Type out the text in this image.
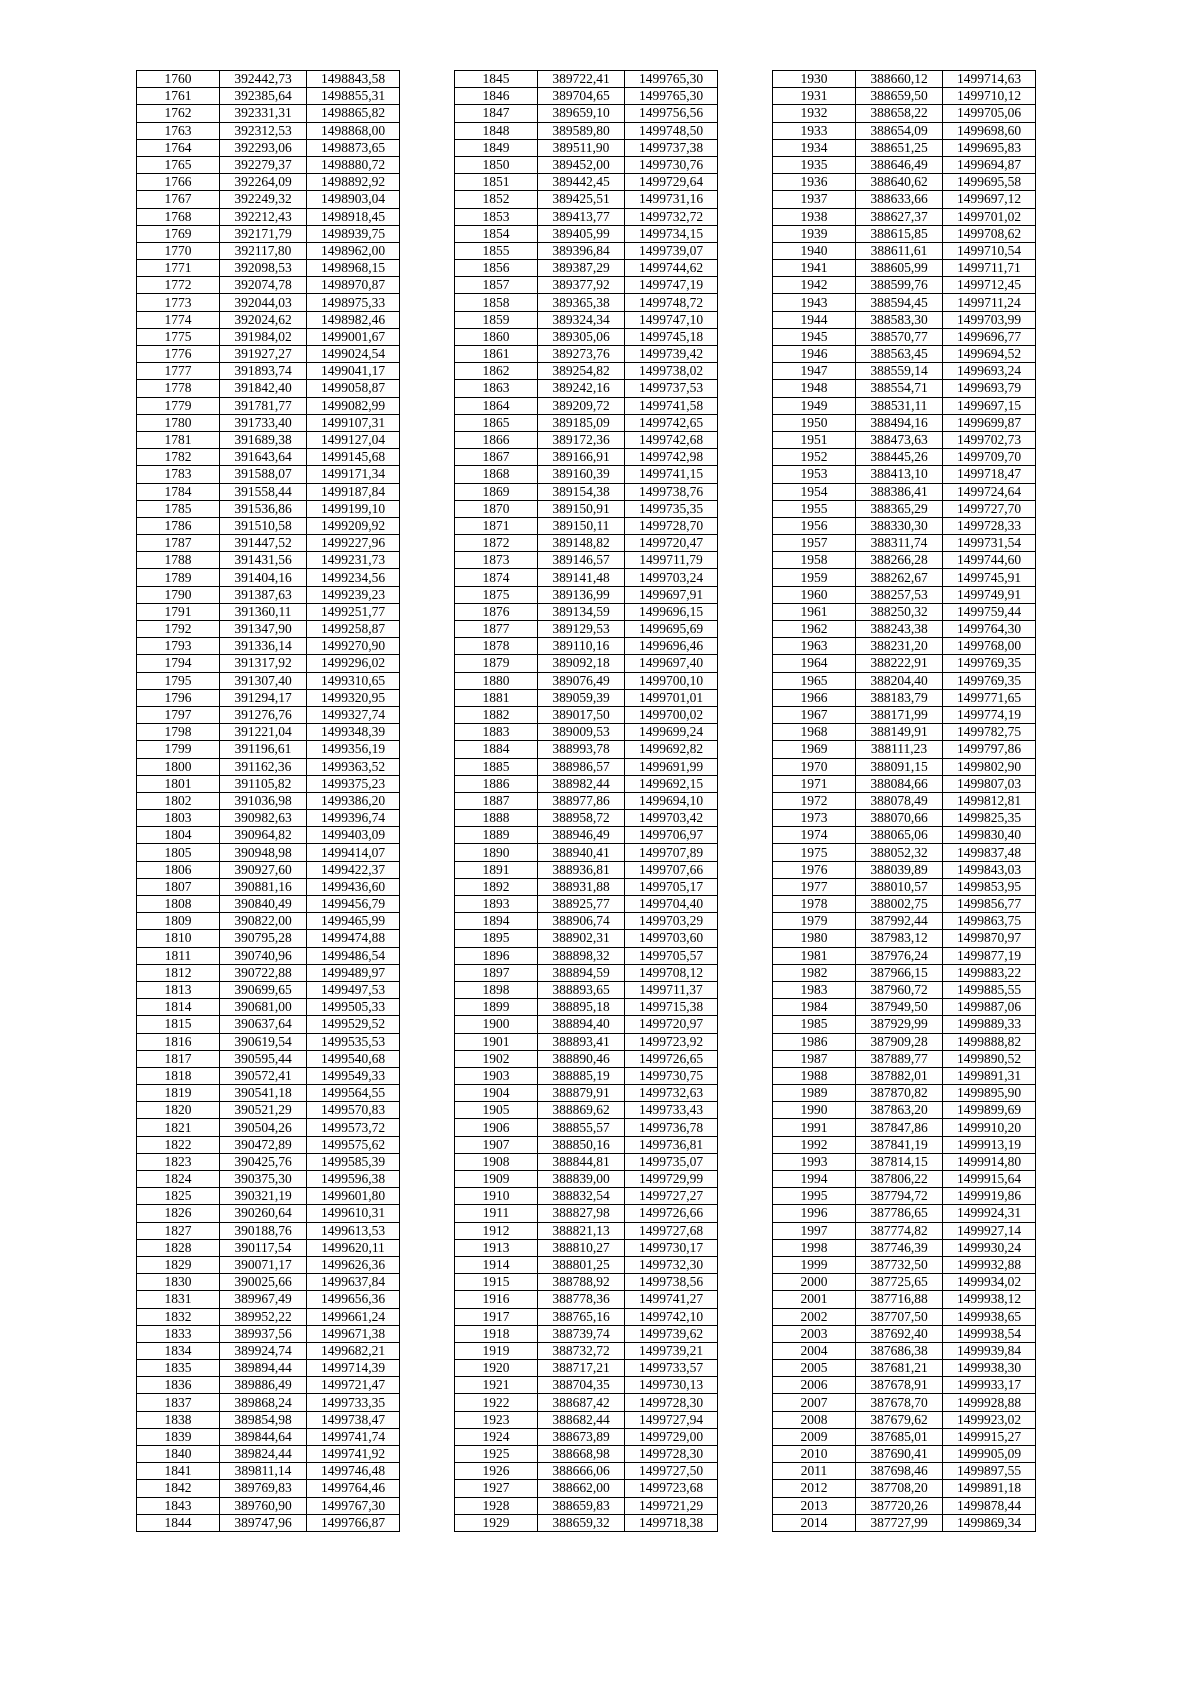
1760	392442,73	1498843,58
1761	392385,64	1498855,31
1762	392331,31	1498865,82
1763	392312,53	1498868,00
1764	392293,06	1498873,65
1765	392279,37	1498880,72
1766	392264,09	1498892,92
1767	392249,32	1498903,04
1768	392212,43	1498918,45
1769	392171,79	1498939,75
1770	392117,80	1498962,00
1771	392098,53	1498968,15
1772	392074,78	1498970,87
1773	392044,03	1498975,33
1774	392024,62	1498982,46
1775	391984,02	1499001,67
1776	391927,27	1499024,54
1777	391893,74	1499041,17
1778	391842,40	1499058,87
1779	391781,77	1499082,99
1780	391733,40	1499107,31
1781	391689,38	1499127,04
1782	391643,64	1499145,68
1783	391588,07	1499171,34
1784	391558,44	1499187,84
1785	391536,86	1499199,10
1786	391510,58	1499209,92
1787	391447,52	1499227,96
1788	391431,56	1499231,73
1789	391404,16	1499234,56
1790	391387,63	1499239,23
1791	391360,11	1499251,77
1792	391347,90	1499258,87
1793	391336,14	1499270,90
1794	391317,92	1499296,02
1795	391307,40	1499310,65
1796	391294,17	1499320,95
1797	391276,76	1499327,74
1798	391221,04	1499348,39
1799	391196,61	1499356,19
1800	391162,36	1499363,52
1801	391105,82	1499375,23
1802	391036,98	1499386,20
1803	390982,63	1499396,74
1804	390964,82	1499403,09
1805	390948,98	1499414,07
1806	390927,60	1499422,37
1807	390881,16	1499436,60
1808	390840,49	1499456,79
1809	390822,00	1499465,99
1810	390795,28	1499474,88
1811	390740,96	1499486,54
1812	390722,88	1499489,97
1813	390699,65	1499497,53
1814	390681,00	1499505,33
1815	390637,64	1499529,52
1816	390619,54	1499535,53
1817	390595,44	1499540,68
1818	390572,41	1499549,33
1819	390541,18	1499564,55
1820	390521,29	1499570,83
1821	390504,26	1499573,72
1822	390472,89	1499575,62
1823	390425,76	1499585,39
1824	390375,30	1499596,38
1825	390321,19	1499601,80
1826	390260,64	1499610,31
1827	390188,76	1499613,53
1828	390117,54	1499620,11
1829	390071,17	1499626,36
1830	390025,66	1499637,84
1831	389967,49	1499656,36
1832	389952,22	1499661,24
1833	389937,56	1499671,38
1834	389924,74	1499682,21
1835	389894,44	1499714,39
1836	389886,49	1499721,47
1837	389868,24	1499733,35
1838	389854,98	1499738,47
1839	389844,64	1499741,74
1840	389824,44	1499741,92
1841	389811,14	1499746,48
1842	389769,83	1499764,46
1843	389760,90	1499767,30
1844	389747,96	1499766,87
1845	389722,41	1499765,30
1846	389704,65	1499765,30
1847	389659,10	1499756,56
1848	389589,80	1499748,50
1849	389511,90	1499737,38
1850	389452,00	1499730,76
1851	389442,45	1499729,64
1852	389425,51	1499731,16
1853	389413,77	1499732,72
1854	389405,99	1499734,15
1855	389396,84	1499739,07
1856	389387,29	1499744,62
1857	389377,92	1499747,19
1858	389365,38	1499748,72
1859	389324,34	1499747,10
1860	389305,06	1499745,18
1861	389273,76	1499739,42
1862	389254,82	1499738,02
1863	389242,16	1499737,53
1864	389209,72	1499741,58
1865	389185,09	1499742,65
1866	389172,36	1499742,68
1867	389166,91	1499742,98
1868	389160,39	1499741,15
1869	389154,38	1499738,76
1870	389150,91	1499735,35
1871	389150,11	1499728,70
1872	389148,82	1499720,47
1873	389146,57	1499711,79
1874	389141,48	1499703,24
1875	389136,99	1499697,91
1876	389134,59	1499696,15
1877	389129,53	1499695,69
1878	389110,16	1499696,46
1879	389092,18	1499697,40
1880	389076,49	1499700,10
1881	389059,39	1499701,01
1882	389017,50	1499700,02
1883	389009,53	1499699,24
1884	388993,78	1499692,82
1885	388986,57	1499691,99
1886	388982,44	1499692,15
1887	388977,86	1499694,10
1888	388958,72	1499703,42
1889	388946,49	1499706,97
1890	388940,41	1499707,89
1891	388936,81	1499707,66
1892	388931,88	1499705,17
1893	388925,77	1499704,40
1894	388906,74	1499703,29
1895	388902,31	1499703,60
1896	388898,32	1499705,57
1897	388894,59	1499708,12
1898	388893,65	1499711,37
1899	388895,18	1499715,38
1900	388894,40	1499720,97
1901	388893,41	1499723,92
1902	388890,46	1499726,65
1903	388885,19	1499730,75
1904	388879,91	1499732,63
1905	388869,62	1499733,43
1906	388855,57	1499736,78
1907	388850,16	1499736,81
1908	388844,81	1499735,07
1909	388839,00	1499729,99
1910	388832,54	1499727,27
1911	388827,98	1499726,66
1912	388821,13	1499727,68
1913	388810,27	1499730,17
1914	388801,25	1499732,30
1915	388788,92	1499738,56
1916	388778,36	1499741,27
1917	388765,16	1499742,10
1918	388739,74	1499739,62
1919	388732,72	1499739,21
1920	388717,21	1499733,57
1921	388704,35	1499730,13
1922	388687,42	1499728,30
1923	388682,44	1499727,94
1924	388673,89	1499729,00
1925	388668,98	1499728,30
1926	388666,06	1499727,50
1927	388662,00	1499723,68
1928	388659,83	1499721,29
1929	388659,32	1499718,38
1930	388660,12	1499714,63
1931	388659,50	1499710,12
1932	388658,22	1499705,06
1933	388654,09	1499698,60
1934	388651,25	1499695,83
1935	388646,49	1499694,87
1936	388640,62	1499695,58
1937	388633,66	1499697,12
1938	388627,37	1499701,02
1939	388615,85	1499708,62
1940	388611,61	1499710,54
1941	388605,99	1499711,71
1942	388599,76	1499712,45
1943	388594,45	1499711,24
1944	388583,30	1499703,99
1945	388570,77	1499696,77
1946	388563,45	1499694,52
1947	388559,14	1499693,24
1948	388554,71	1499693,79
1949	388531,11	1499697,15
1950	388494,16	1499699,87
1951	388473,63	1499702,73
1952	388445,26	1499709,70
1953	388413,10	1499718,47
1954	388386,41	1499724,64
1955	388365,29	1499727,70
1956	388330,30	1499728,33
1957	388311,74	1499731,54
1958	388266,28	1499744,60
1959	388262,67	1499745,91
1960	388257,53	1499749,91
1961	388250,32	1499759,44
1962	388243,38	1499764,30
1963	388231,20	1499768,00
1964	388222,91	1499769,35
1965	388204,40	1499769,35
1966	388183,79	1499771,65
1967	388171,99	1499774,19
1968	388149,91	1499782,75
1969	388111,23	1499797,86
1970	388091,15	1499802,90
1971	388084,66	1499807,03
1972	388078,49	1499812,81
1973	388070,66	1499825,35
1974	388065,06	1499830,40
1975	388052,32	1499837,48
1976	388039,89	1499843,03
1977	388010,57	1499853,95
1978	388002,75	1499856,77
1979	387992,44	1499863,75
1980	387983,12	1499870,97
1981	387976,24	1499877,19
1982	387966,15	1499883,22
1983	387960,72	1499885,55
1984	387949,50	1499887,06
1985	387929,99	1499889,33
1986	387909,28	1499888,82
1987	387889,77	1499890,52
1988	387882,01	1499891,31
1989	387870,82	1499895,90
1990	387863,20	1499899,69
1991	387847,86	1499910,20
1992	387841,19	1499913,19
1993	387814,15	1499914,80
1994	387806,22	1499915,64
1995	387794,72	1499919,86
1996	387786,65	1499924,31
1997	387774,82	1499927,14
1998	387746,39	1499930,24
1999	387732,50	1499932,88
2000	387725,65	1499934,02
2001	387716,88	1499938,12
2002	387707,50	1499938,65
2003	387692,40	1499938,54
2004	387686,38	1499939,84
2005	387681,21	1499938,30
2006	387678,91	1499933,17
2007	387678,70	1499928,88
2008	387679,62	1499923,02
2009	387685,01	1499915,27
2010	387690,41	1499905,09
2011	387698,46	1499897,55
2012	387708,20	1499891,18
2013	387720,26	1499878,44
2014	387727,99	1499869,34
